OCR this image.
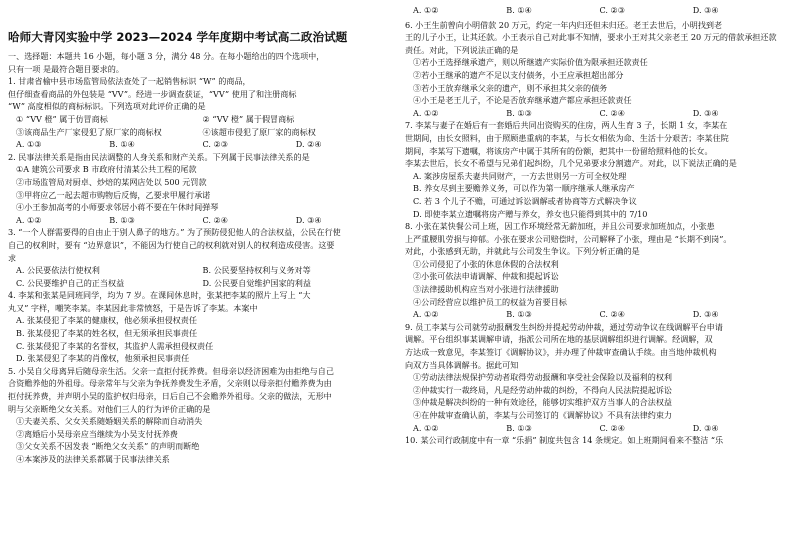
哈师大青冈实验中学 2023—2024 学年度期中考试高二政治试题

一、选择题：本题共 16 小题，每小题 3 分，满分 48 分。在每小题给出的四个选项中，

只有一项 是最符合题目要求的。

1. 甘肃省榆中县市场监管局依法查处了一起销售标识 “W” 的商品，

但仔细查看商品的外包装是 “VV”。经进一步调查获证，“VV” 使用了和注册商标

“W” 高度相似的商标标识。下列选项对此评价正确的是

① “VV 橙” 属于仿冒商标	② “VV 橙” 属于假冒商标
③该商品生产厂家侵犯了原厂家的商标权	④该超市侵犯了原厂家的商标权
A. ①③	B. ①④	C. ②③	D. ②④

2. 民事法律关系是指由民法调整的人身关系和财产关系。下列属于民事法律关系的是

①A 建筑公司要求 B 市政府付清某公共工程的尾款

②市场监管局对厨卓、炒焙的某网店处以 500 元罚款

③甲将应乙一起去超市购物后反悔，乙要求甲履行承诺

④小王参加高考的小师要求邻居小蒋不要在午休时间弹琴

A. ①②	B. ①③	C. ②④	D. ③④

3. “一个人群需要得的自由止于别人鼻子的地方。” 为了预防侵犯他人的合法权益，公民在行使

自己的权利时，要有 “边界意识”，不能因为行使自己的权利就对别人的权利造成侵害。这要

求

A. 公民要依法行使权利	B. 公民要坚持权利与义务对等
C. 公民要维护自己的正当权益	D. 公民要自觉维护国家的利益

4. 李某和张某是同班同学，均为 7 岁。在课间休息时，张某把李某的照片上写上 “大

丸又” 字样，嘲笑李某。李某因此非常愤怒，于是告诉了李某。本案中

A. 张某侵犯了李某的健康权，他必须承担侵权责任

B. 张某侵犯了李某的姓名权，但无须承担民事责任

C. 张某侵犯了李某的名誉权，其监护人需承担侵权责任

D. 张某侵犯了李某的肖像权，他须承担民事责任

5. 小吴自父母离异后随母亲生活。父亲一直拒付抚养费。但母亲以经济困难为由拒绝与自己

合资赡养他的外祖母。母亲常年与父亲为争抚养费发生矛盾，父亲则以母亲拒付赡养费为由

拒付抚养费，并声明小吴的监护权归母亲，日后自己不会赡养外祖母。父亲的做法，无形中

明与父亲断绝父女关系。对他们三人的行为评价正确的是

①夫妻关系、父女关系随婚姻关系的解除而自动消失

②离婚后小吴母亲应当继续为小吴支付抚养费

③父女关系不因发表 “断绝父女关系” 的声明而断绝

④本案涉及的法律关系都属于民事法律关系

A. ①②	B. ①④	C. ②③	D. ③④

6. 小王生前曾向小明借款 20 万元，约定一年内归还但未归还。老王去世后，小明找到老

王的儿子小王，让其还款。小王表示自己对此事不知情，要求小王对其父亲老王 20 万元的借款承担还款

责任。对此，下列说法正确的是

①若小王选择继承遗产，则以所继遗产实际价值为限承担还款责任

②若小王继承的遗产不足以支付债务，小王应承担超出部分

③若小王放弃继承父亲的遗产，则不承担其父亲的债务

④小王是老王儿子，不论是否放弃继承遗产都应承担还款责任

A. ①②	B. ①③	C. ②④	D. ③④

7. 李某与妻子在婚后有一套婚后共同出资购买的住房，两人生育 3 子，长期 1 女，李某在

世期间，由长女照料，由于照顾患重病的李某，与长女相依为命、生活十分艰苦；李某住院

期间，李某写下遗嘱，将该房产中属于其所有的份额，把其中一份留给照料他的长女。

李某去世后，长女不希望与兄弟们起纠纷，几个兄弟要求分割遗产。对此，以下说法正确的是

A. 案涉房屋系夫妻共同财产，一方去世则另一方可全权处理

B. 养女尽到主要赡养义务，可以作为第一顺序继承人继承房产

C. 若 3 个儿子不赡，可通过诉讼调解或者协商等方式解决争议

D. 即使李某立遗嘱将房产赠与养女，养女也只能得到其中的 7/10

8. 小张在某快餐公司上班，因工作环境经常无薪加班，并且公司要求加班加点，小张患

上严重腰肌劳损与抑郁。小张在要求公司赔偿时，公司解释了小张，理由是 “长期不到岗”。

对此，小张感到无助，并就此与公司发生争议。下列分析正确的是

①公司侵犯了小张的休息休假的合法权利

②小张可依法申请调解、仲裁和提起诉讼

③法律援助机构应当对小张进行法律援助

④公司经营应以维护员工的权益为首要目标

A. ①②	B. ①③	C. ②④	D. ③④

9. 员工李某与公司就劳动报酬发生纠纷并提起劳动仲裁，通过劳动争议在线调解平台申请

调解。平台组织事某调解申请，指派公司所在地的基层调解组织进行调解。经调解，双

方达成一致意见，李某签订《调解协议》，并办理了仲裁审查确认手续。由当地仲裁机构

向双方当具体调解书。据此可知

①劳动法律法规保护劳动者取得劳动报酬和享受社会保险以及福利的权利

②仲裁实行一裁终局，凡是经劳动仲裁的纠纷，不得向人民法院提起诉讼

③仲裁是解决纠纷的一种有效途径，能够切实维护双方当事人的合法权益

④在仲裁审查确认前，李某与公司签订的《调解协议》不具有法律约束力

A. ①②	B. ①③	C. ②④	D. ③④

10. 某公司行政制度中有一章 “乐捐” 制度共包含 14 条规定。如上班期间看来不整洁 “乐
